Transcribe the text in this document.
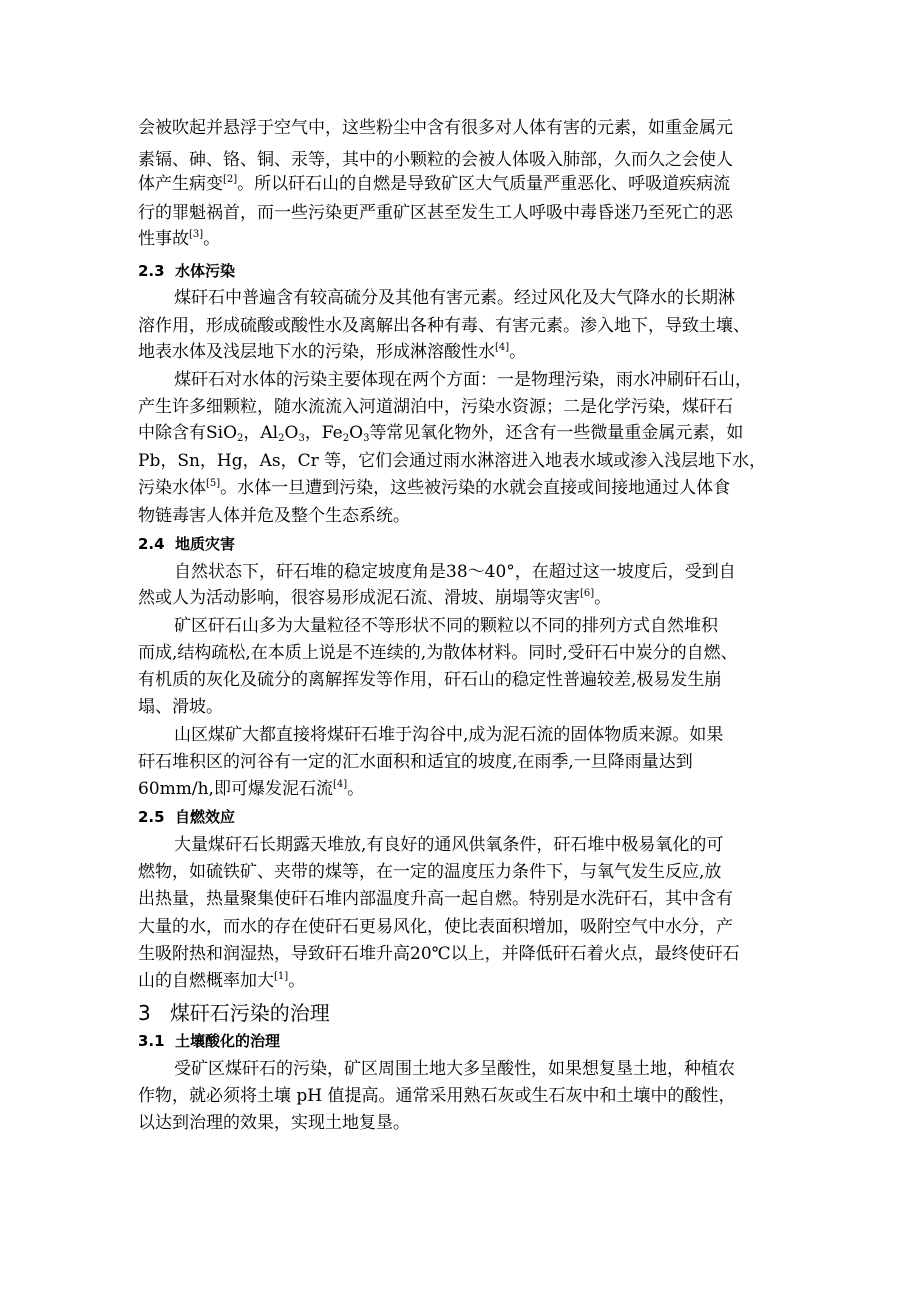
会被吹起并悬浮于空气中，这些粉尘中含有很多对人体有害的元素，如重金属元
素镉、砷、铬、铜、汞等，其中的小颗粒的会被人体吸入肺部，久而久之会使人
体产生病变[2]。所以矸石山的自燃是导致矿区大气质量严重恶化、呼吸道疾病流
行的罪魁祸首，而一些污染更严重矿区甚至发生工人呼吸中毒昏迷乃至死亡的恶
性事故[3]。
2.3 水体污染
煤矸石中普遍含有较高硫分及其他有害元素。经过风化及大气降水的长期淋
溶作用，形成硫酸或酸性水及离解出各种有毒、有害元素。渗入地下，导致土壤、
地表水体及浅层地下水的污染，形成淋溶酸性水[4]。
煤矸石对水体的污染主要体现在两个方面：一是物理污染，雨水冲刷矸石山，
产生许多细颗粒，随水流流入河道湖泊中，污染水资源；二是化学污染，煤矸石
中除含有SiO$_2$，$Al_2O_3$，$Fe_2O_3$等常见氧化物外，还含有一些微量重金属元素，如
Pb，Sn，Hg，As，Cr 等，它们会通过雨水淋溶进入地表水域或渗入浅层地下水，
污染水体[5]。水体一旦遭到污染，这些被污染的水就会直接或间接地通过人体食
物链毒害人体并危及整个生态系统。
2.4 地质灾害
自然状态下，矸石堆的稳定坡度角是38～40°，在超过这一坡度后，受到自
然或人为活动影响，很容易形成泥石流、滑坡、崩塌等灾害[6]。
矿区矸石山多为大量粒径不等形状不同的颗粒以不同的排列方式自然堆积
而成,结构疏松,在本质上说是不连续的,为散体材料。同时,受矸石中炭分的自燃、
有机质的灰化及硫分的离解挥发等作用，矸石山的稳定性普遍较差,极易发生崩
塌、滑坡。
山区煤矿大都直接将煤矸石堆于沟谷中,成为泥石流的固体物质来源。如果
矸石堆积区的河谷有一定的汇水面积和适宜的坡度,在雨季,一旦降雨量达到
60mm/h,即可爆发泥石流[4]。
2.5 自燃效应
大量煤矸石长期露天堆放,有良好的通风供氧条件，矸石堆中极易氧化的可
燃物，如硫铁矿、夹带的煤等，在一定的温度压力条件下，与氧气发生反应,放
出热量，热量聚集使矸石堆内部温度升高一起自燃。特别是水洗矸石，其中含有
大量的水，而水的存在使矸石更易风化，使比表面积增加，吸附空气中水分，产
生吸附热和润湿热，导致矸石堆升高20℃以上，并降低矸石着火点，最终使矸石
山的自燃概率加大[1]。
3 煤矸石污染的治理
3.1 土壤酸化的治理
受矿区煤矸石的污染，矿区周围土地大多呈酸性，如果想复垦土地，种植农
作物，就必须将土壤 pH 值提高。通常采用熟石灰或生石灰中和土壤中的酸性，
以达到治理的效果，实现土地复垦。
